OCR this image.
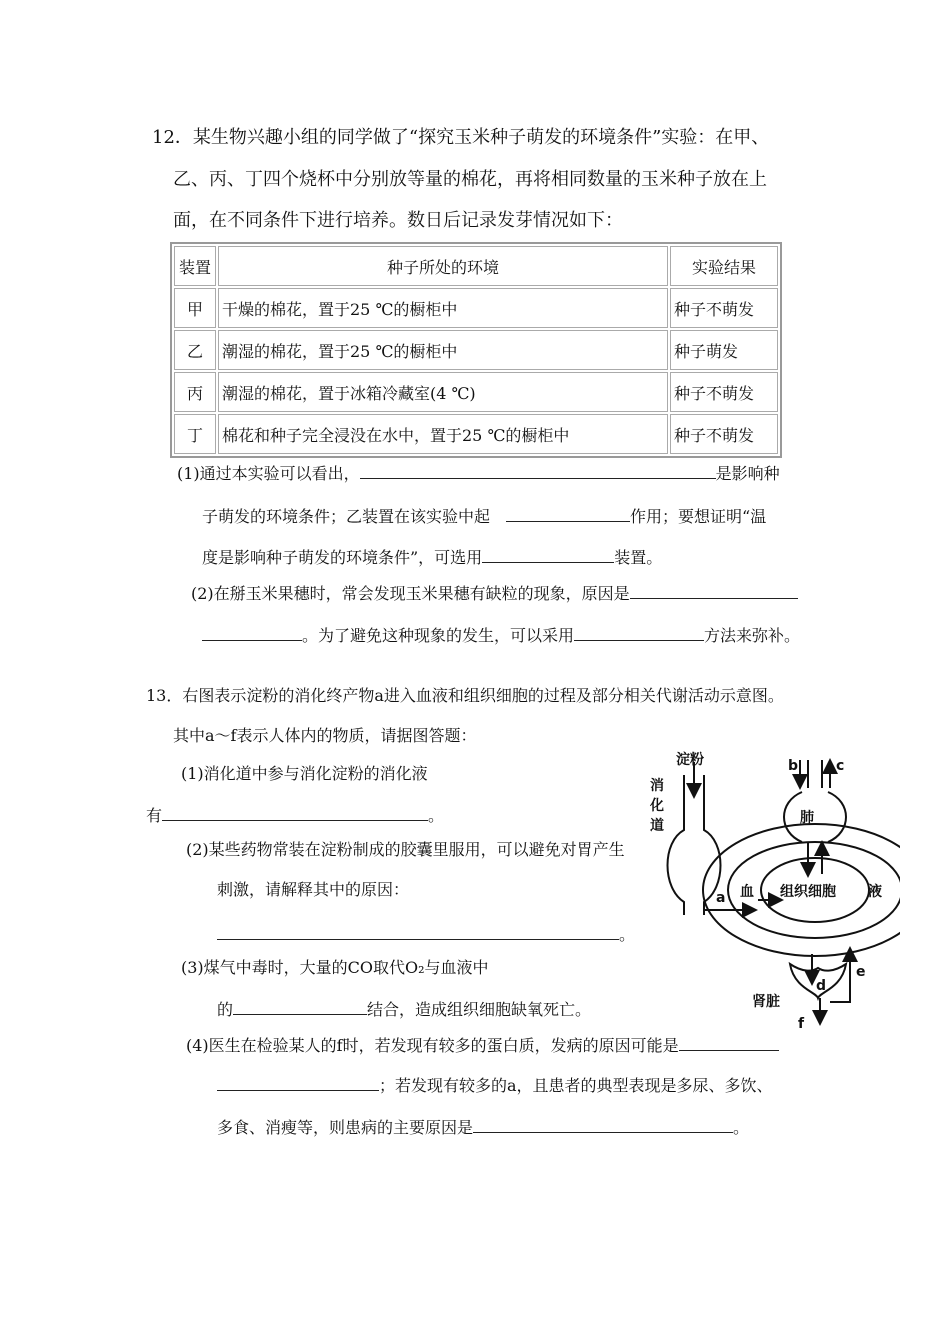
12．某生物兴趣小组的同学做了“探究玉米种子萌发的环境条件”实验：在甲、
乙、丙、丁四个烧杯中分别放等量的棉花，再将相同数量的玉米种子放在上
面，在不同条件下进行培养。数日后记录发芽情况如下：
装置	种子所处的环境	实验结果
甲	干燥的棉花，置于25 ℃的橱柜中	种子不萌发
乙	潮湿的棉花，置于25 ℃的橱柜中	种子萌发
丙	潮湿的棉花，置于冰箱冷藏室(4 ℃)	种子不萌发
丁	棉花和种子完全浸没在水中，置于25 ℃的橱柜中	种子不萌发
(1)通过本实验可以看出，	是影响种
子萌发的环境条件；乙装置在该实验中起	作用；要想证明“温
度是影响种子萌发的环境条件”，可选用	装置。
(2)在掰玉米果穗时，常会发现玉米果穗有缺粒的现象，原因是
。为了避免这种现象的发生，可以采用	方法来弥补。
13．右图表示淀粉的消化终产物a进入血液和组织细胞的过程及部分相关代谢活动示意图。
其中a～f表示人体内的物质，请据图答题：
(1)消化道中参与消化淀粉的消化液
有	。
(2)某些药物常装在淀粉制成的胶囊里服用，可以避免对胃产生
刺激，请解释其中的原因：
。
(3)煤气中毒时，大量的CO取代O₂与血液中
的	结合，造成组织细胞缺氧死亡。
(4)医生在检验某人的f时，若发现有较多的蛋白质，发病的原因可能是
；若发现有较多的a，且患者的典型表现是多尿、多饮、
多食、消瘦等，则患病的主要原因是	。
淀粉
消
化
道	肺
b	c
a 血	液
组织细胞
肾脏
d
e
f
